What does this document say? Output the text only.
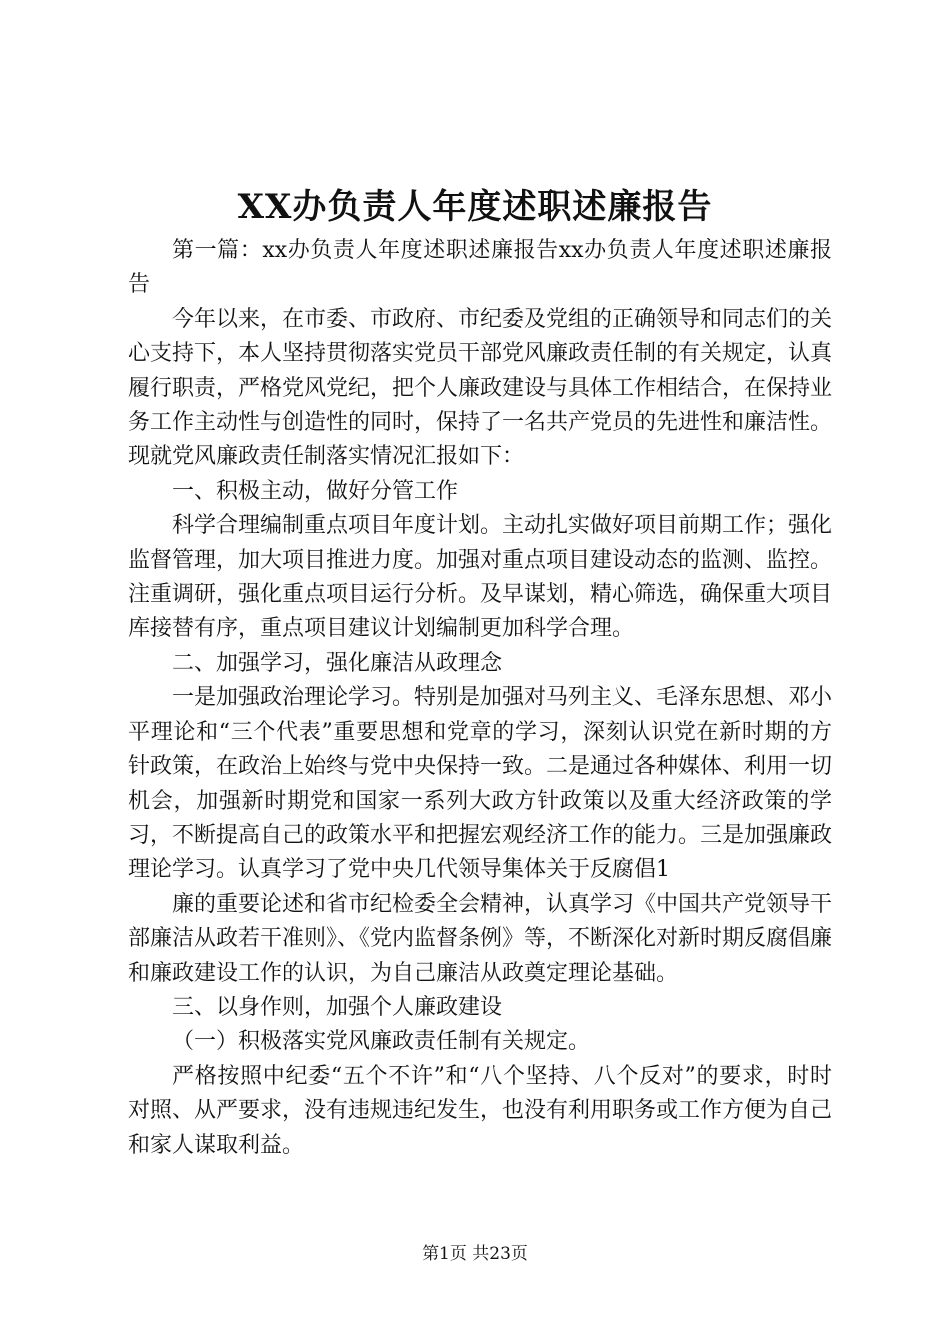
XX办负责人年度述职述廉报告

第一篇：xx办负责人年度述职述廉报告xx办负责人年度述职述廉报告

今年以来，在市委、市政府、市纪委及党组的正确领导和同志们的关心支持下，本人坚持贯彻落实党员干部党风廉政责任制的有关规定，认真履行职责，严格党风党纪，把个人廉政建设与具体工作相结合，在保持业务工作主动性与创造性的同时，保持了一名共产党员的先进性和廉洁性。现就党风廉政责任制落实情况汇报如下：

一、积极主动，做好分管工作

科学合理编制重点项目年度计划。主动扎实做好项目前期工作；强化监督管理，加大项目推进力度。加强对重点项目建设动态的监测、监控。注重调研，强化重点项目运行分析。及早谋划，精心筛选，确保重大项目库接替有序，重点项目建议计划编制更加科学合理。

二、加强学习，强化廉洁从政理念

一是加强政治理论学习。特别是加强对马列主义、毛泽东思想、邓小平理论和“三个代表”重要思想和党章的学习，深刻认识党在新时期的方针政策，在政治上始终与党中央保持一致。二是通过各种媒体、利用一切机会，加强新时期党和国家一系列大政方针政策以及重大经济政策的学习，不断提高自己的政策水平和把握宏观经济工作的能力。三是加强廉政理论学习。认真学习了党中央几代领导集体关于反腐倡1

廉的重要论述和省市纪检委全会精神，认真学习《中国共产党领导干部廉洁从政若干准则》、《党内监督条例》等，不断深化对新时期反腐倡廉和廉政建设工作的认识，为自己廉洁从政奠定理论基础。

三、以身作则，加强个人廉政建设

（一）积极落实党风廉政责任制有关规定。

严格按照中纪委“五个不许”和“八个坚持、八个反对”的要求，时时对照、从严要求，没有违规违纪发生，也没有利用职务或工作方便为自己和家人谋取利益。

第1页 共23页
